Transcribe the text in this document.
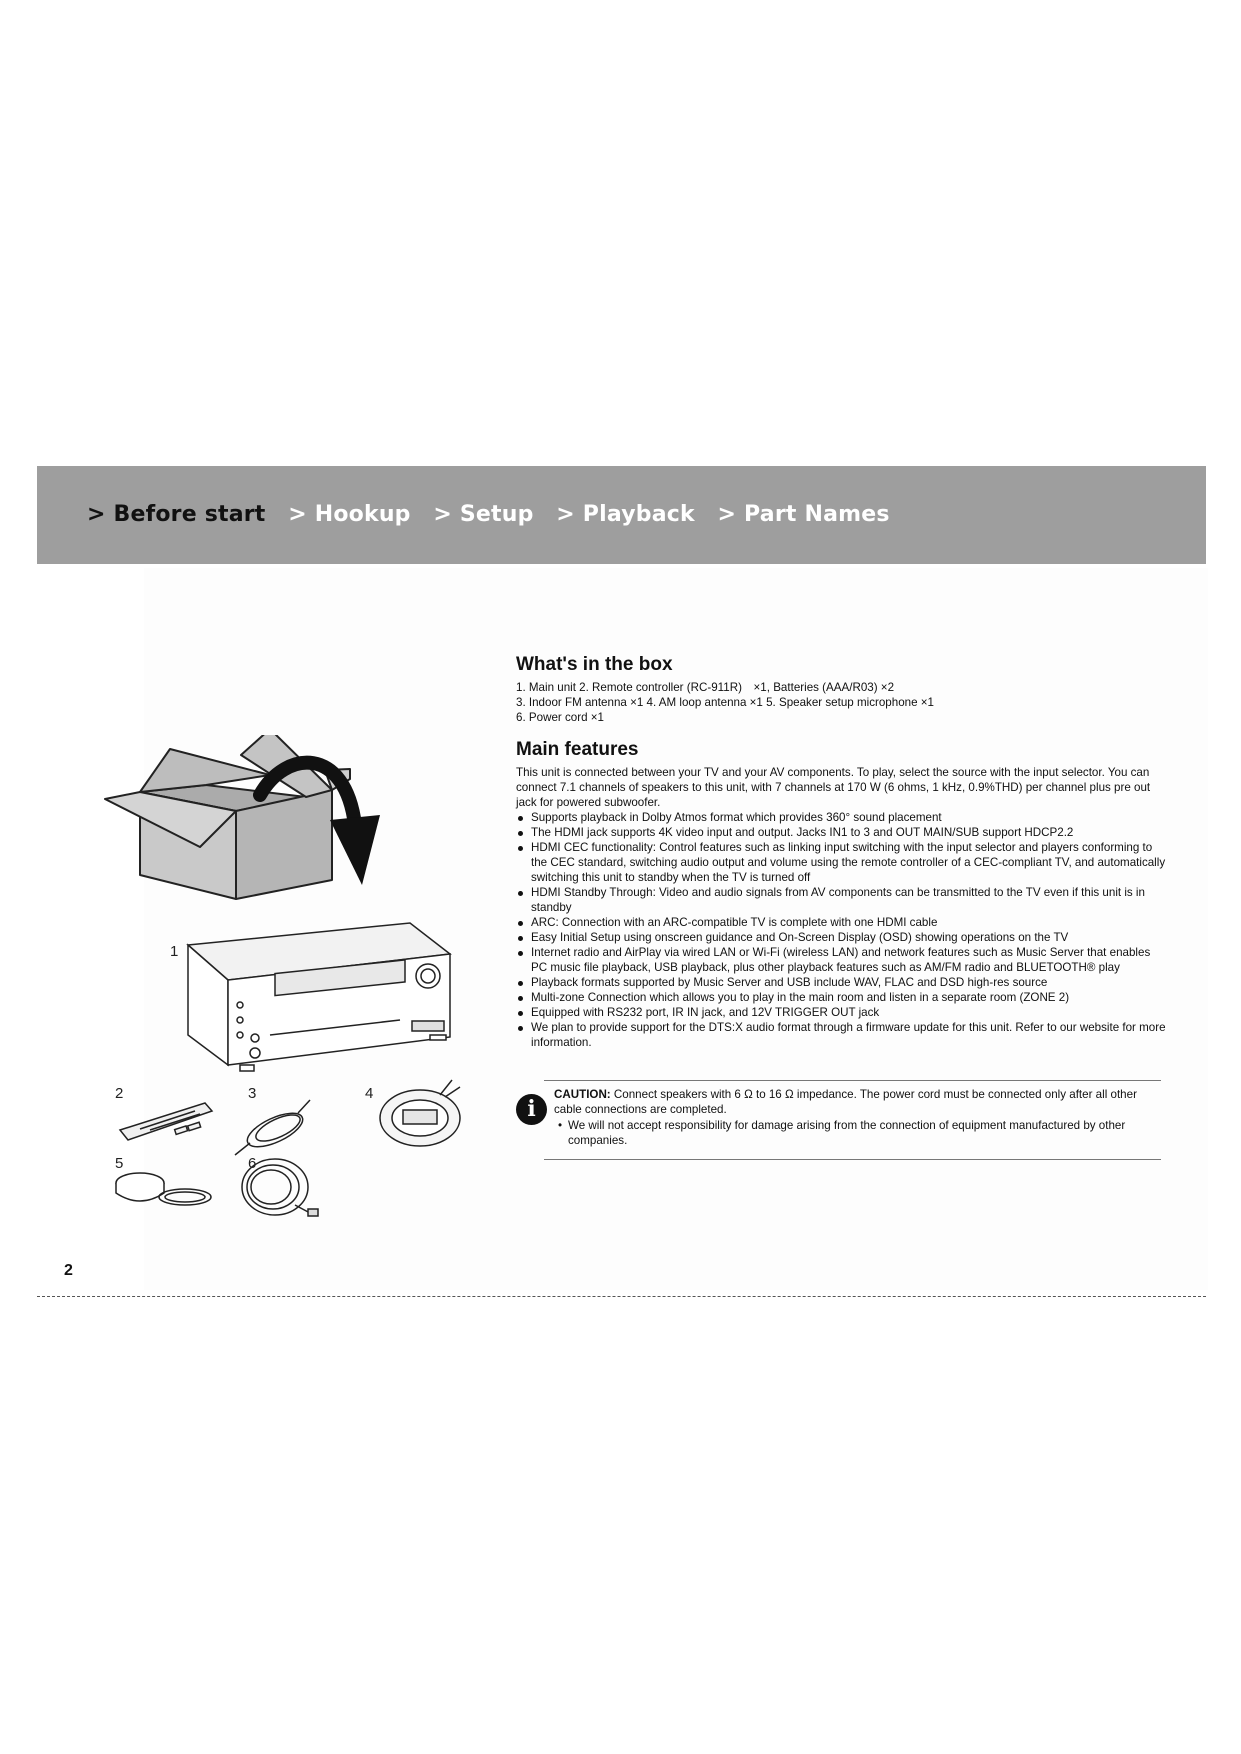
> Before start > Hookup > Setup > Playback > Part Names
1
2	3	4
5	6
What's in the box
1. Main unit 2. Remote controller (RC-911R) ×1, Batteries (AAA/R03) ×2
3. Indoor FM antenna ×1 4. AM loop antenna ×1 5. Speaker setup microphone ×1
6. Power cord ×1
Main features
This unit is connected between your TV and your AV components. To play, select the source with the input selector. You can connect 7.1 channels of speakers to this unit, with 7 channels at 170 W (6 ohms, 1 kHz, 0.9%THD) per channel plus pre out jack for powered subwoofer.
Supports playback in Dolby Atmos format which provides 360° sound placement
The HDMI jack supports 4K video input and output. Jacks IN1 to 3 and OUT MAIN/SUB support HDCP2.2
HDMI CEC functionality: Control features such as linking input switching with the input selector and players conforming to the CEC standard, switching audio output and volume using the remote controller of a CEC-compliant TV, and automatically switching this unit to standby when the TV is turned off
HDMI Standby Through: Video and audio signals from AV components can be transmitted to the TV even if this unit is in standby
ARC: Connection with an ARC-compatible TV is complete with one HDMI cable
Easy Initial Setup using onscreen guidance and On-Screen Display (OSD) showing operations on the TV
Internet radio and AirPlay via wired LAN or Wi-Fi (wireless LAN) and network features such as Music Server that enables PC music file playback, USB playback, plus other playback features such as AM/FM radio and BLUETOOTH® play
Playback formats supported by Music Server and USB include WAV, FLAC and DSD high-res source
Multi-zone Connection which allows you to play in the main room and listen in a separate room (ZONE 2)
Equipped with RS232 port, IR IN jack, and 12V TRIGGER OUT jack
We plan to provide support for the DTS:X audio format through a firmware update for this unit. Refer to our website for more information.
i
CAUTION: Connect speakers with 6 Ω to 16 Ω impedance. The power cord must be connected only after all other cable connections are completed.
• We will not accept responsibility for damage arising from the connection of equipment manufactured by other companies.
2
